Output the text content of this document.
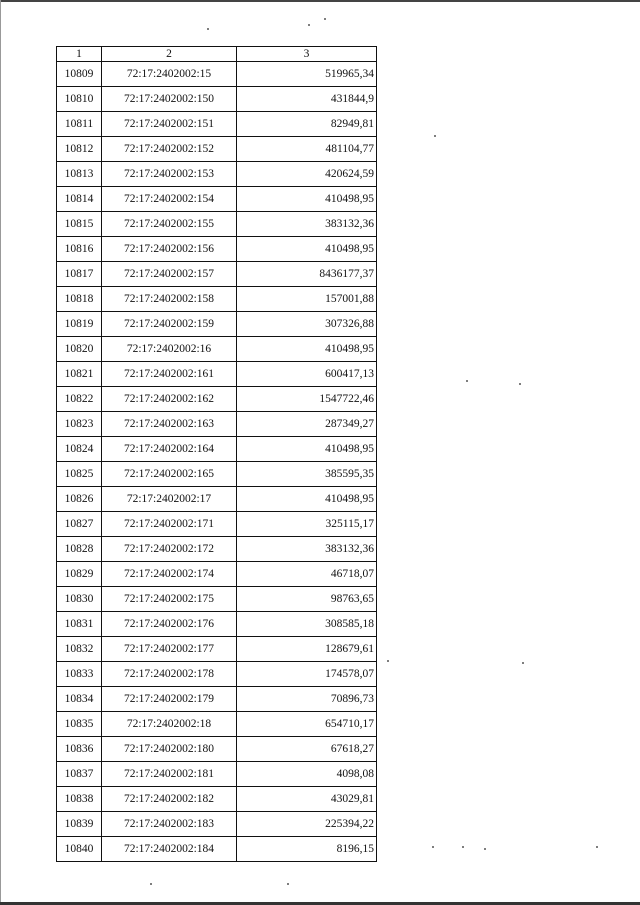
1	2	3
10809	72:17:2402002:15	519965,34
10810	72:17:2402002:150	431844,9
10811	72:17:2402002:151	82949,81
10812	72:17:2402002:152	481104,77
10813	72:17:2402002:153	420624,59
10814	72:17:2402002:154	410498,95
10815	72:17:2402002:155	383132,36
10816	72:17:2402002:156	410498,95
10817	72:17:2402002:157	8436177,37
10818	72:17:2402002:158	157001,88
10819	72:17:2402002:159	307326,88
10820	72:17:2402002:16	410498,95
10821	72:17:2402002:161	600417,13
10822	72:17:2402002:162	1547722,46
10823	72:17:2402002:163	287349,27
10824	72:17:2402002:164	410498,95
10825	72:17:2402002:165	385595,35
10826	72:17:2402002:17	410498,95
10827	72:17:2402002:171	325115,17
10828	72:17:2402002:172	383132,36
10829	72:17:2402002:174	46718,07
10830	72:17:2402002:175	98763,65
10831	72:17:2402002:176	308585,18
10832	72:17:2402002:177	128679,61
10833	72:17:2402002:178	174578,07
10834	72:17:2402002:179	70896,73
10835	72:17:2402002:18	654710,17
10836	72:17:2402002:180	67618,27
10837	72:17:2402002:181	4098,08
10838	72:17:2402002:182	43029,81
10839	72:17:2402002:183	225394,22
10840	72:17:2402002:184	8196,15
